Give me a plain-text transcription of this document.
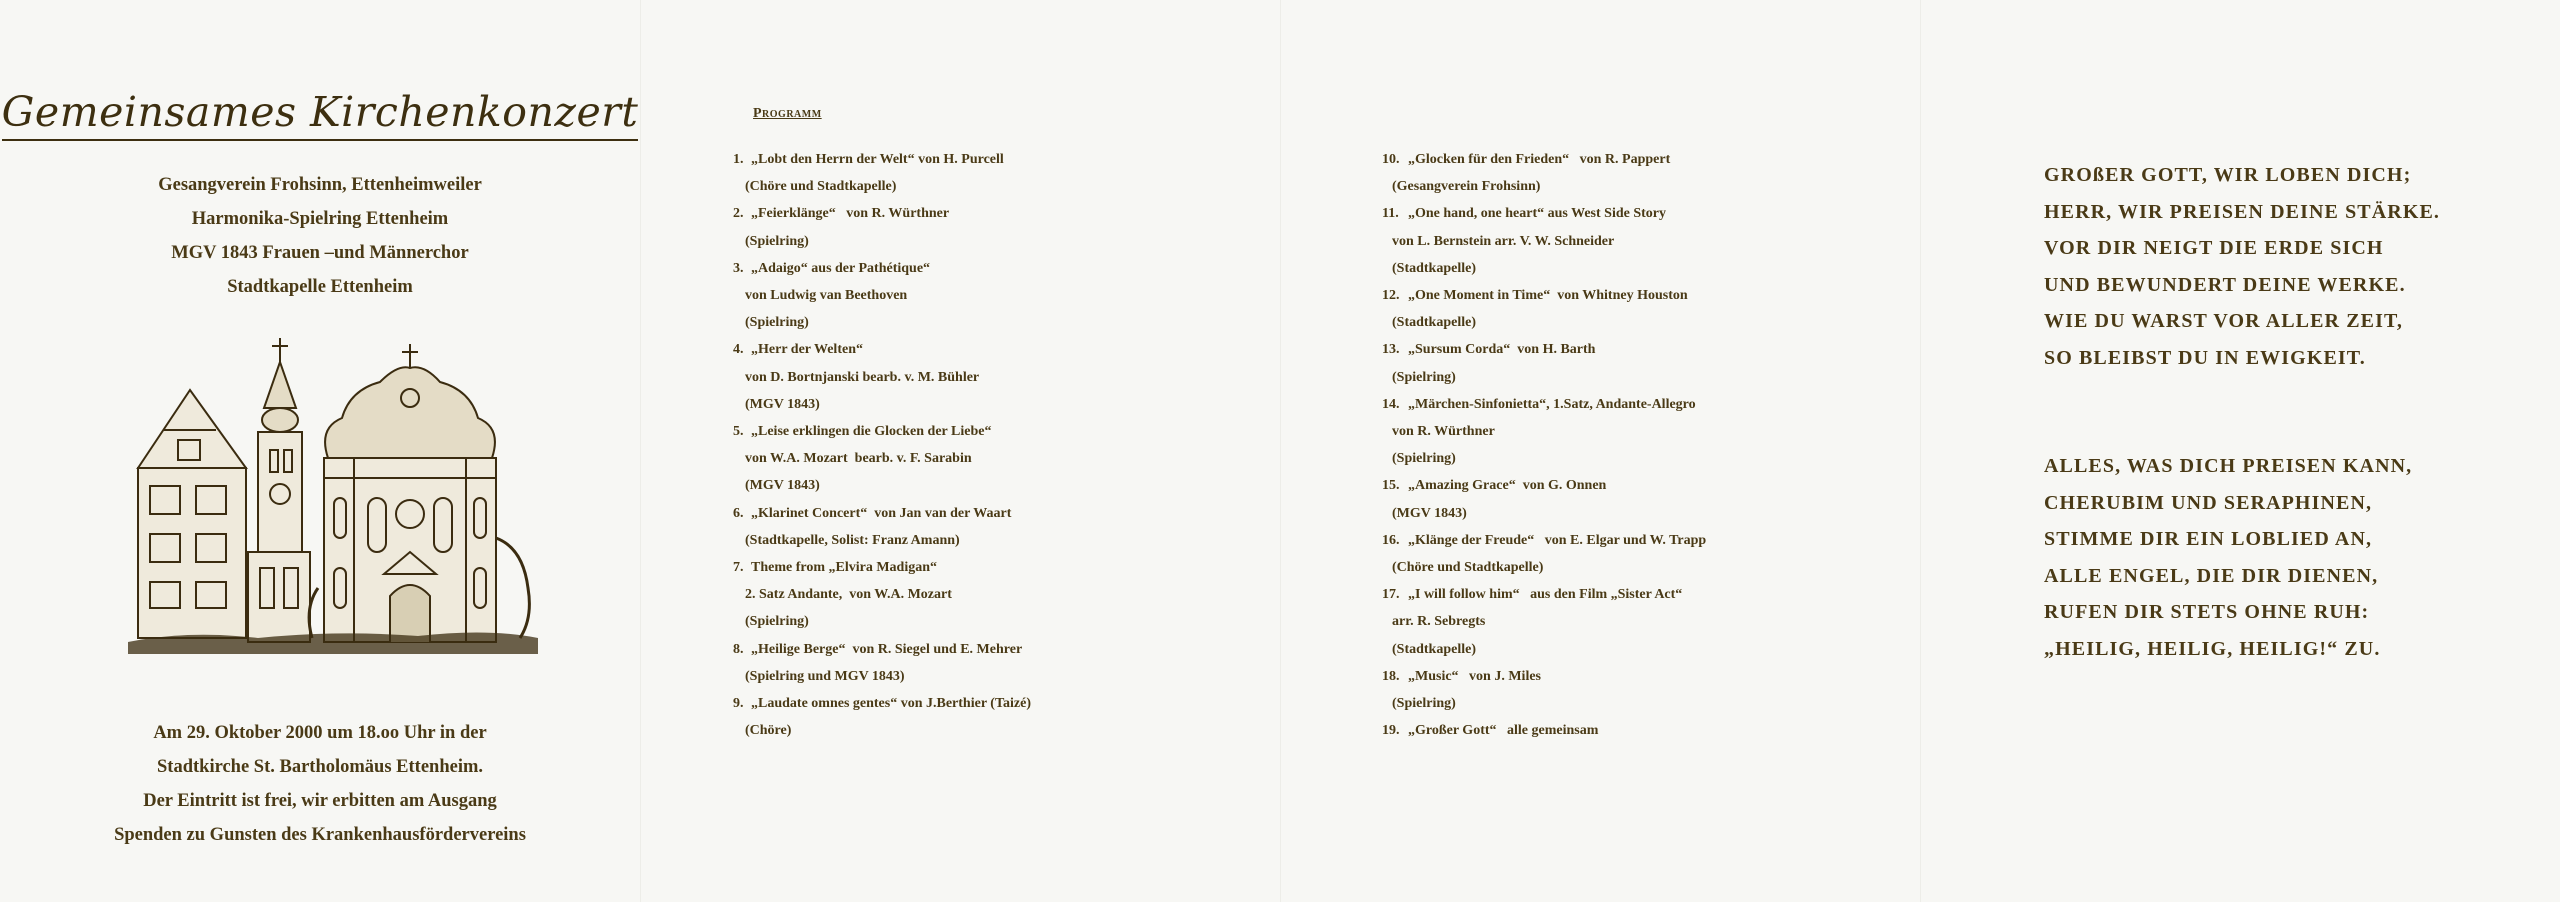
Gemeinsames Kirchenkonzert
Gesangverein Frohsinn, Ettenheimweiler
Harmonika-Spielring Ettenheim
MGV 1843 Frauen –und Männerchor
Stadtkapelle Ettenheim
Am 29. Oktober 2000 um 18.oo Uhr in der
Stadtkirche St. Bartholomäus Ettenheim.
Der Eintritt ist frei, wir erbitten am Ausgang
Spenden zu Gunsten des Krankenhausfördervereins
Programm
1. „Lobt den Herrn der Welt“ von H. Purcell
(Chöre und Stadtkapelle)
2. „Feierklänge“   von R. Würthner
(Spielring)
3. „Adaigo“ aus der Pathétique“
von Ludwig van Beethoven
(Spielring)
4. „Herr der Welten“
von D. Bortnjanski bearb. v. M. Bühler
(MGV 1843)
5. „Leise erklingen die Glocken der Liebe“
von W.A. Mozart  bearb. v. F. Sarabin
(MGV 1843)
6. „Klarinet Concert“  von Jan van der Waart
(Stadtkapelle, Solist: Franz Amann)
7. Theme from „Elvira Madigan“
2. Satz Andante,  von W.A. Mozart
(Spielring)
8. „Heilige Berge“  von R. Siegel und E. Mehrer
(Spielring und MGV 1843)
9. „Laudate omnes gentes“ von J.Berthier (Taizé)
(Chöre)
10. „Glocken für den Frieden“   von R. Pappert
(Gesangverein Frohsinn)
11. „One hand, one heart“ aus West Side Story
von L. Bernstein arr. V. W. Schneider
(Stadtkapelle)
12. „One Moment in Time“  von Whitney Houston
(Stadtkapelle)
13. „Sursum Corda“  von H. Barth
(Spielring)
14. „Märchen-Sinfonietta“, 1.Satz, Andante-Allegro
von R. Würthner
(Spielring)
15. „Amazing Grace“  von G. Onnen
(MGV 1843)
16. „Klänge der Freude“   von E. Elgar und W. Trapp
(Chöre und Stadtkapelle)
17. „I will follow him“   aus den Film „Sister Act“
arr. R. Sebregts
(Stadtkapelle)
18. „Music“   von J. Miles
(Spielring)
19. „Großer Gott“   alle gemeinsam
GROßER GOTT, WIR LOBEN DICH;
HERR, WIR PREISEN DEINE STÄRKE.
VOR DIR NEIGT DIE ERDE SICH
UND BEWUNDERT DEINE WERKE.
WIE DU WARST VOR ALLER ZEIT,
SO BLEIBST DU IN EWIGKEIT.
ALLES, WAS DICH PREISEN KANN,
CHERUBIM UND SERAPHINEN,
STIMME DIR EIN LOBLIED AN,
ALLE ENGEL, DIE DIR DIENEN,
RUFEN DIR STETS OHNE RUH:
„HEILIG, HEILIG, HEILIG!“ ZU.
